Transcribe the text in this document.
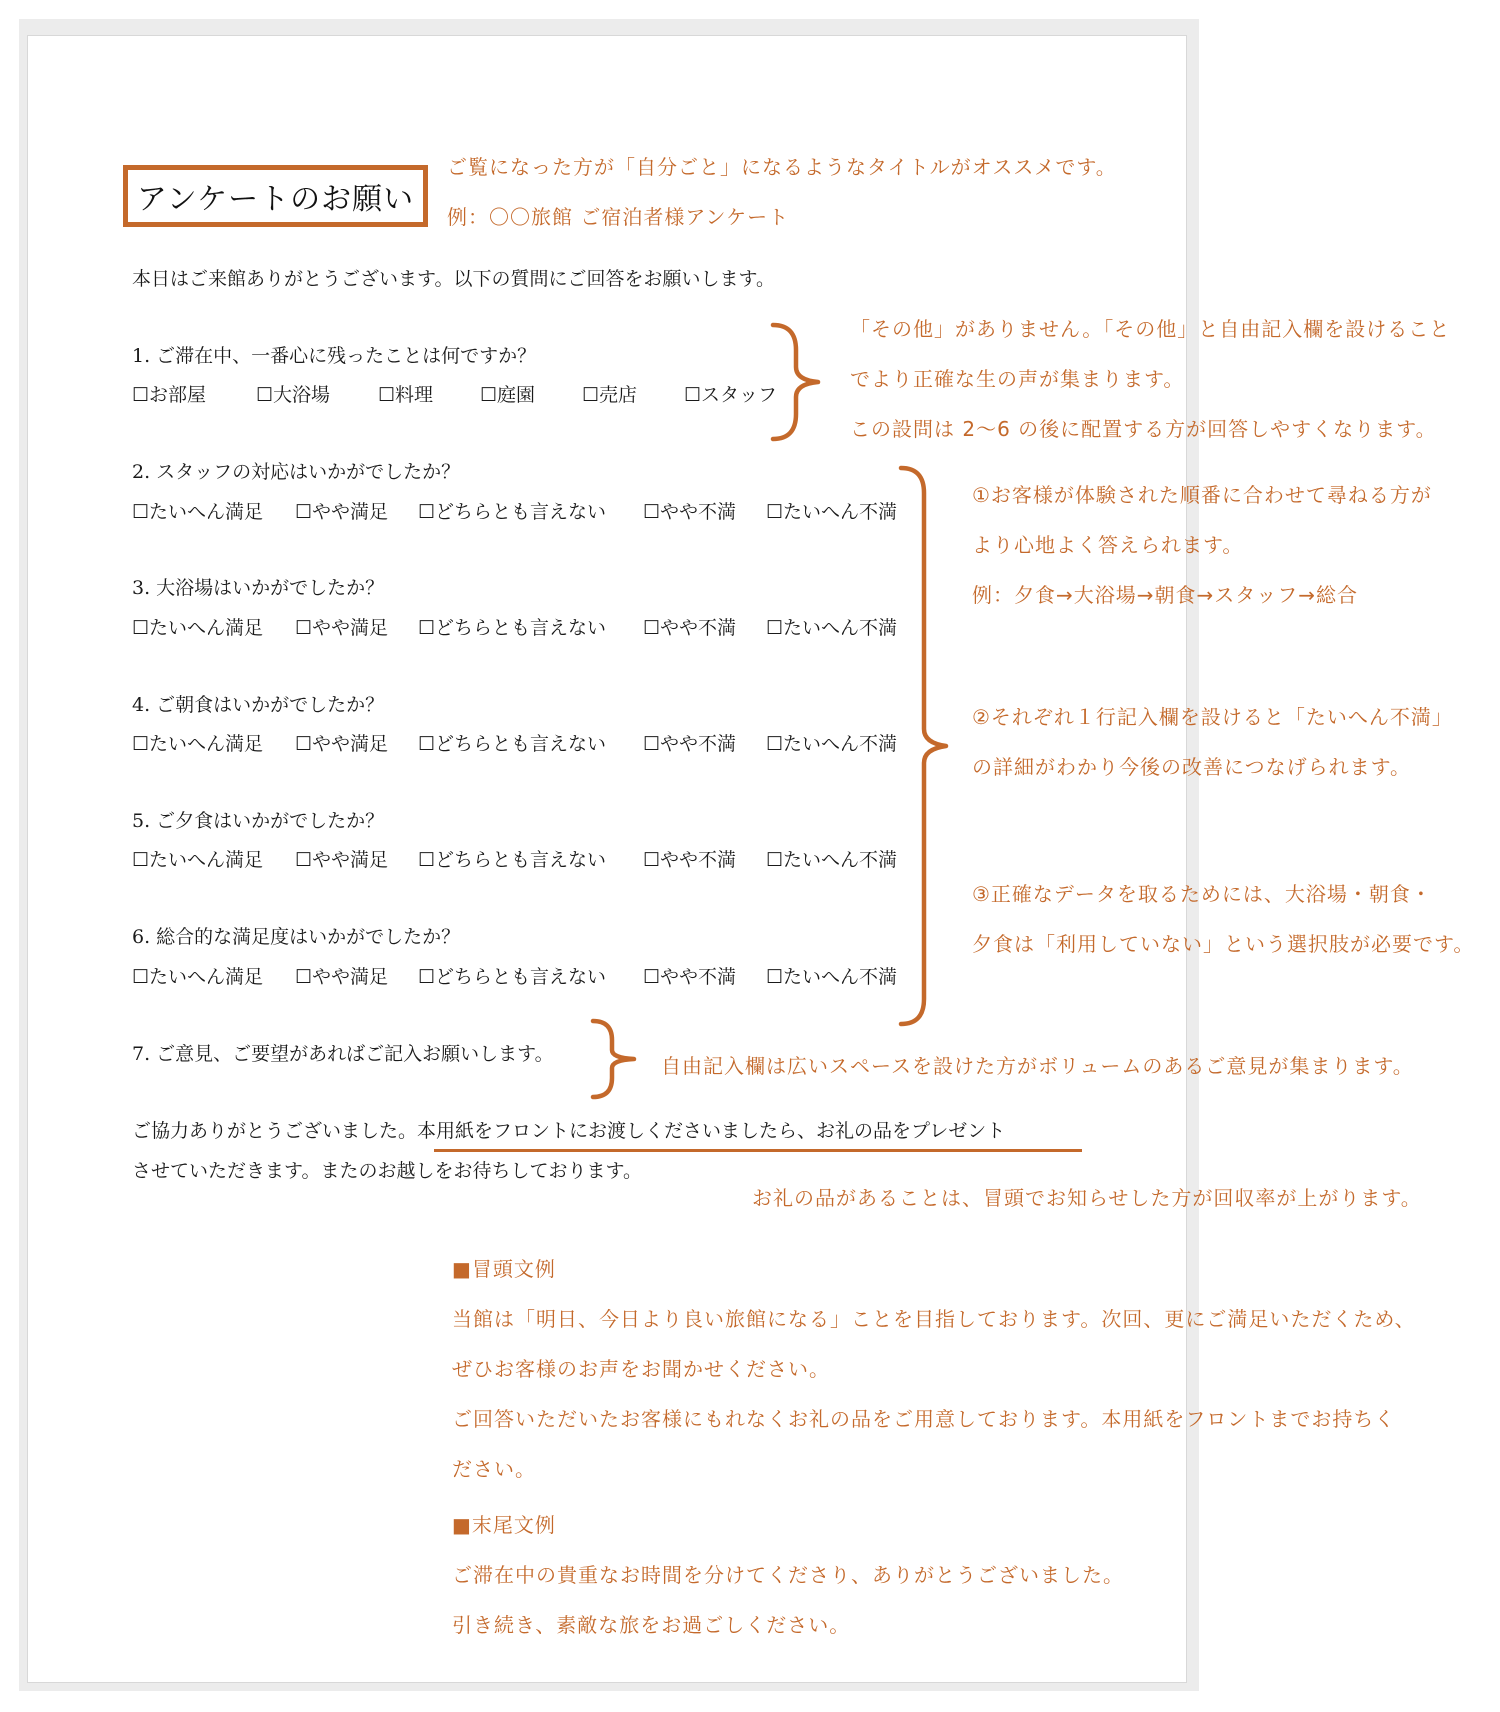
アンケートのお願い
ご覧になった方が「自分ごと」になるようなタイトルがオススメです。
例：〇〇旅館 ご宿泊者様アンケート
本日はご来館ありがとうございます。以下の質問にご回答をお願いします。
1. ご滞在中、一番心に残ったことは何ですか？
☐お部屋	☐大浴場	☐料理	☐庭園	☐売店	☐スタッフ
「その他」がありません。「その他」と自由記入欄を設けること
でより正確な生の声が集まります。
この設問は 2〜6 の後に配置する方が回答しやすくなります。
2. スタッフの対応はいかがでしたか？
☐たいへん満足	☐やや満足	☐どちらとも言えない	☐やや不満	☐たいへん不満
3. 大浴場はいかがでしたか？
☐たいへん満足	☐やや満足	☐どちらとも言えない	☐やや不満	☐たいへん不満
4. ご朝食はいかがでしたか？
☐たいへん満足	☐やや満足	☐どちらとも言えない	☐やや不満	☐たいへん不満
5. ご夕食はいかがでしたか？
☐たいへん満足	☐やや満足	☐どちらとも言えない	☐やや不満	☐たいへん不満
6. 総合的な満足度はいかがでしたか？
☐たいへん満足	☐やや満足	☐どちらとも言えない	☐やや不満	☐たいへん不満
①お客様が体験された順番に合わせて尋ねる方が
より心地よく答えられます。
例：夕食→大浴場→朝食→スタッフ→総合
②それぞれ１行記入欄を設けると「たいへん不満」
の詳細がわかり今後の改善につなげられます。
③正確なデータを取るためには、大浴場・朝食・
夕食は「利用していない」という選択肢が必要です。
7. ご意見、ご要望があればご記入お願いします。	自由記入欄は広いスペースを設けた方がボリュームのあるご意見が集まります。
ご協力ありがとうございました。本用紙をフロントにお渡しくださいましたら、お礼の品をプレゼント
させていただきます。またのお越しをお待ちしております。
お礼の品があることは、冒頭でお知らせした方が回収率が上がります。
■冒頭文例
当館は「明日、今日より良い旅館になる」ことを目指しております。次回、更にご満足いただくため、
ぜひお客様のお声をお聞かせください。
ご回答いただいたお客様にもれなくお礼の品をご用意しております。本用紙をフロントまでお持ちく
ださい。
■末尾文例
ご滞在中の貴重なお時間を分けてくださり、ありがとうございました。
引き続き、素敵な旅をお過ごしください。
